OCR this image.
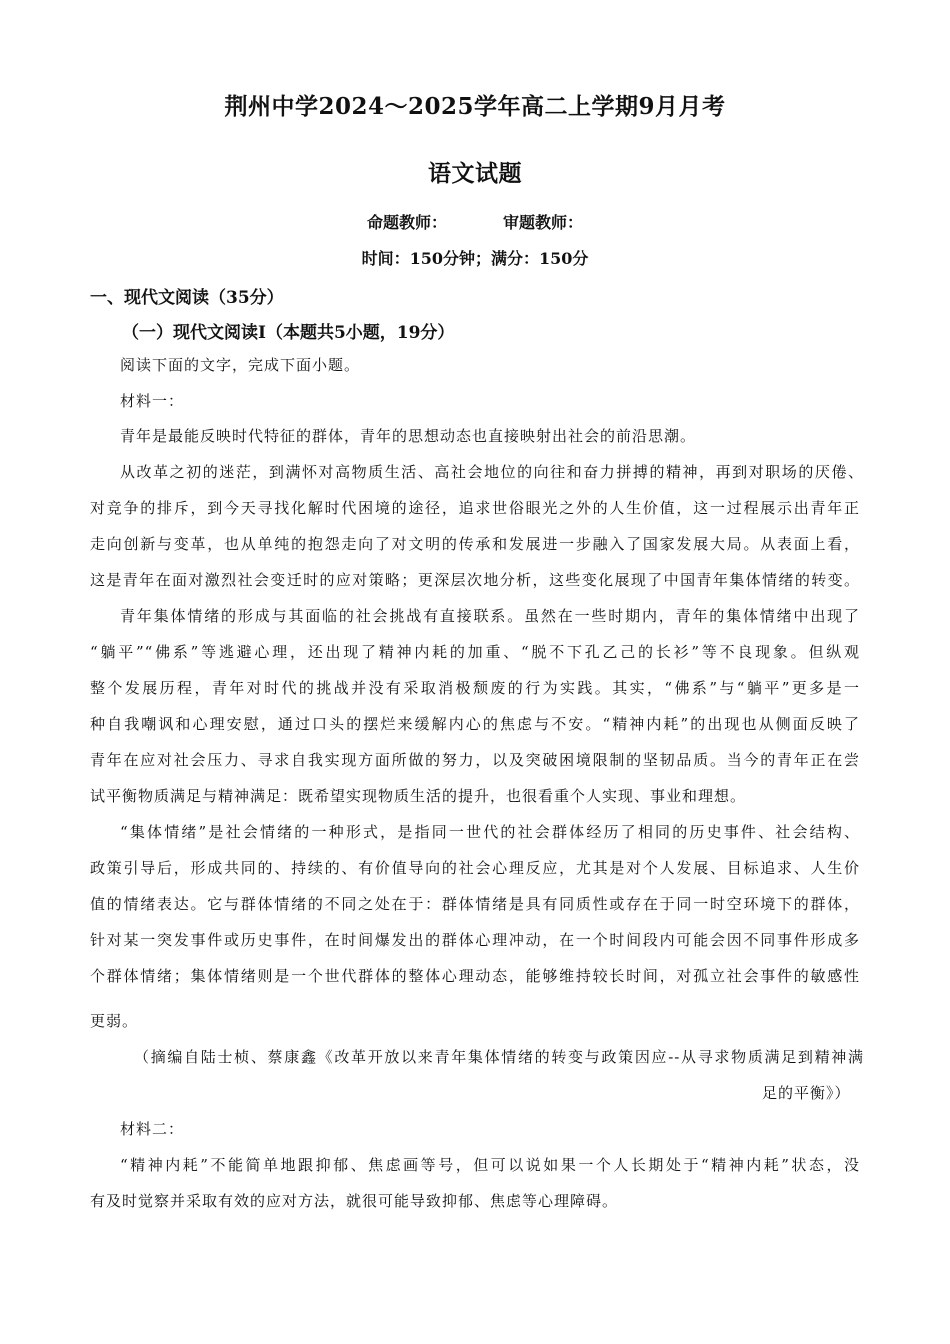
荆州中学2024～2025学年高二上学期9月月考
语文试题
命题教师：　　　　审题教师：
时间：150分钟；满分：150分
一、现代文阅读（35分）
（一）现代文阅读Ⅰ（本题共5小题，19分）
阅读下面的文字，完成下面小题。
材料一：
青年是最能反映时代特征的群体，青年的思想动态也直接映射出社会的前沿思潮。
从改革之初的迷茫，到满怀对高物质生活、高社会地位的向往和奋力拼搏的精神，再到对职场的厌倦、
对竞争的排斥，到今天寻找化解时代困境的途径，追求世俗眼光之外的人生价值，这一过程展示出青年正
走向创新与变革，也从单纯的抱怨走向了对文明的传承和发展进一步融入了国家发展大局。从表面上看，
这是青年在面对激烈社会变迁时的应对策略；更深层次地分析，这些变化展现了中国青年集体情绪的转变。
青年集体情绪的形成与其面临的社会挑战有直接联系。虽然在一些时期内，青年的集体情绪中出现了
“躺平”“佛系”等逃避心理，还出现了精神内耗的加重、“脱不下孔乙己的长衫”等不良现象。但纵观
整个发展历程，青年对时代的挑战并没有采取消极颓废的行为实践。其实，“佛系”与“躺平”更多是一
种自我嘲讽和心理安慰，通过口头的摆烂来缓解内心的焦虑与不安。“精神内耗”的出现也从侧面反映了
青年在应对社会压力、寻求自我实现方面所做的努力，以及突破困境限制的坚韧品质。当今的青年正在尝
试平衡物质满足与精神满足：既希望实现物质生活的提升，也很看重个人实现、事业和理想。
“集体情绪”是社会情绪的一种形式，是指同一世代的社会群体经历了相同的历史事件、社会结构、
政策引导后，形成共同的、持续的、有价值导向的社会心理反应，尤其是对个人发展、目标追求、人生价
值的情绪表达。它与群体情绪的不同之处在于：群体情绪是具有同质性或存在于同一时空环境下的群体，
针对某一突发事件或历史事件，在时间爆发出的群体心理冲动，在一个时间段内可能会因不同事件形成多
个群体情绪；集体情绪则是一个世代群体的整体心理动态，能够维持较长时间，对孤立社会事件的敏感性
更弱。
（摘编自陆士桢、蔡康鑫《改革开放以来青年集体情绪的转变与政策因应--从寻求物质满足到精神满
足的平衡》）
材料二：
“精神内耗”不能简单地跟抑郁、焦虑画等号，但可以说如果一个人长期处于“精神内耗”状态，没
有及时觉察并采取有效的应对方法，就很可能导致抑郁、焦虑等心理障碍。
